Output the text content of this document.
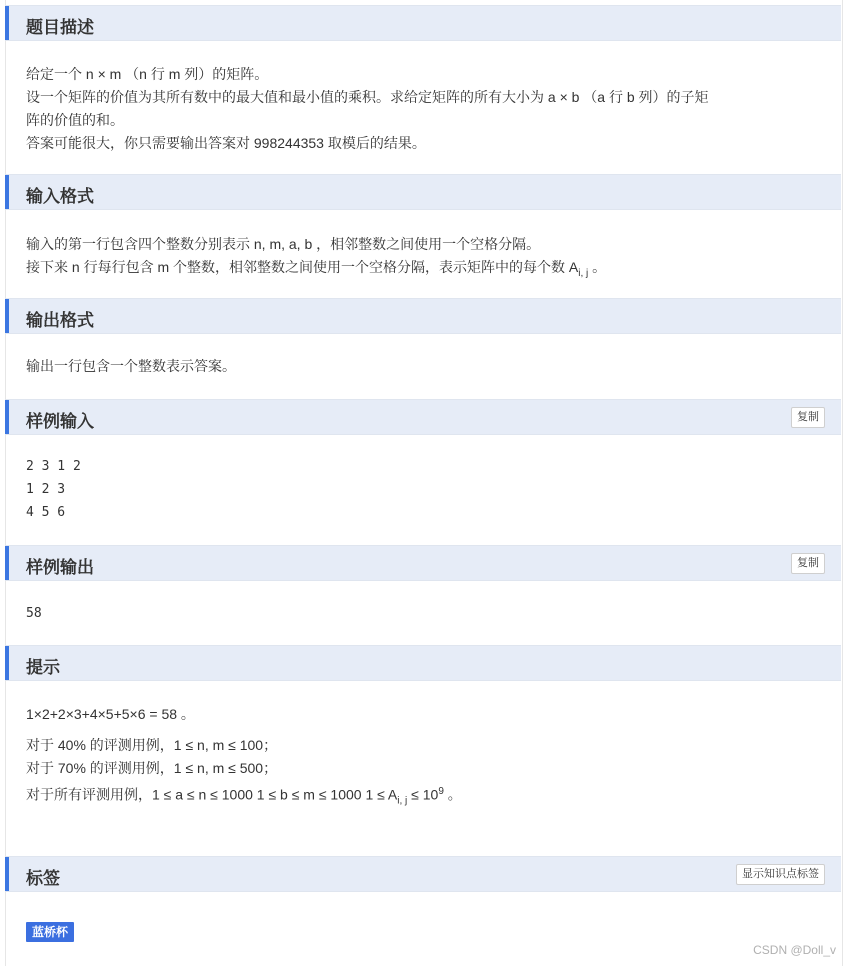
题目描述
给定一个 n × m （n 行 m 列）的矩阵。
设一个矩阵的价值为其所有数中的最大值和最小值的乘积。求给定矩阵的所有大小为 a × b （a 行 b 列）的子矩
阵的价值的和。
答案可能很大，你只需要输出答案对 998244353 取模后的结果。
输入格式
输入的第一行包含四个整数分别表示 n, m, a, b ，相邻整数之间使用一个空格分隔。
接下来 n 行每行包含 m 个整数，相邻整数之间使用一个空格分隔，表示矩阵中的每个数 $A_{i, j}$ 。
输出格式
输出一行包含一个整数表示答案。
样例输入	复制
2 3 1 2
1 2 3
4 5 6
样例输出	复制
58
提示
1×2+2×3+4×5+5×6 = 58 。
对于 40% 的评测用例，1 ≤ n, m ≤ 100；
对于 70% 的评测用例，1 ≤ n, m ≤ 500；
对于所有评测用例，1 ≤ a ≤ n ≤ 1000 1 ≤ b ≤ m ≤ 1000 $1 \le A_{i, j} \le 10^9$ 。
标签	显示知识点标签
蓝桥杯
CSDN @Doll_v
